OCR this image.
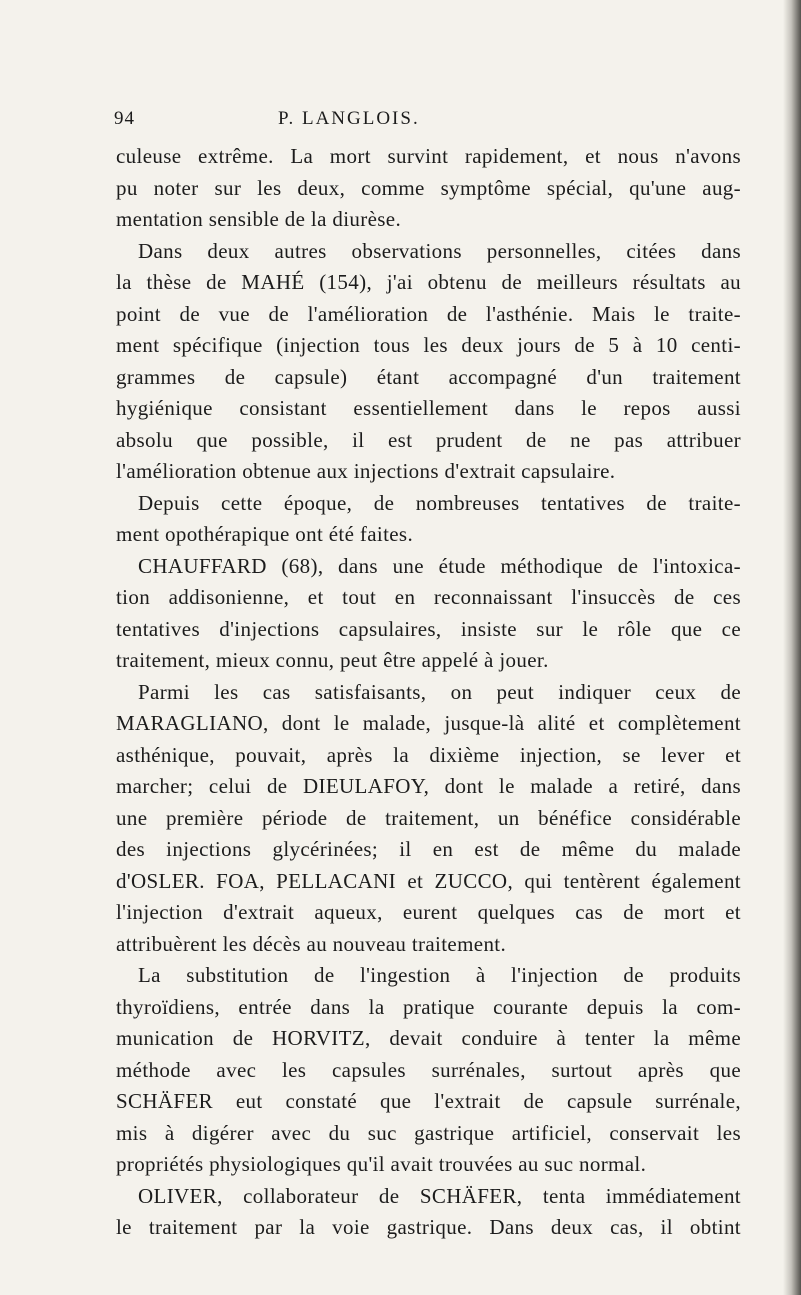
94	P. LANGLOIS.
culeuse extrême. La mort survint rapidement, et nous n'avons
pu noter sur les deux, comme symptôme spécial, qu'une aug-
mentation sensible de la diurèse.
Dans deux autres observations personnelles, citées dans
la thèse de MAHÉ (154), j'ai obtenu de meilleurs résultats au
point de vue de l'amélioration de l'asthénie. Mais le traite-
ment spécifique (injection tous les deux jours de 5 à 10 centi-
grammes de capsule) étant accompagné d'un traitement
hygiénique consistant essentiellement dans le repos aussi
absolu que possible, il est prudent de ne pas attribuer
l'amélioration obtenue aux injections d'extrait capsulaire.
Depuis cette époque, de nombreuses tentatives de traite-
ment opothérapique ont été faites.
CHAUFFARD (68), dans une étude méthodique de l'intoxica-
tion addisonienne, et tout en reconnaissant l'insuccès de ces
tentatives d'injections capsulaires, insiste sur le rôle que ce
traitement, mieux connu, peut être appelé à jouer.
Parmi les cas satisfaisants, on peut indiquer ceux de
MARAGLIANO, dont le malade, jusque-là alité et complètement
asthénique, pouvait, après la dixième injection, se lever et
marcher; celui de DIEULAFOY, dont le malade a retiré, dans
une première période de traitement, un bénéfice considérable
des injections glycérinées; il en est de même du malade
d'OSLER. FOA, PELLACANI et ZUCCO, qui tentèrent également
l'injection d'extrait aqueux, eurent quelques cas de mort et
attribuèrent les décès au nouveau traitement.
La substitution de l'ingestion à l'injection de produits
thyroïdiens, entrée dans la pratique courante depuis la com-
munication de HORVITZ, devait conduire à tenter la même
méthode avec les capsules surrénales, surtout après que
SCHÄFER eut constaté que l'extrait de capsule surrénale,
mis à digérer avec du suc gastrique artificiel, conservait les
propriétés physiologiques qu'il avait trouvées au suc normal.
OLIVER, collaborateur de SCHÄFER, tenta immédiatement
le traitement par la voie gastrique. Dans deux cas, il obtint
